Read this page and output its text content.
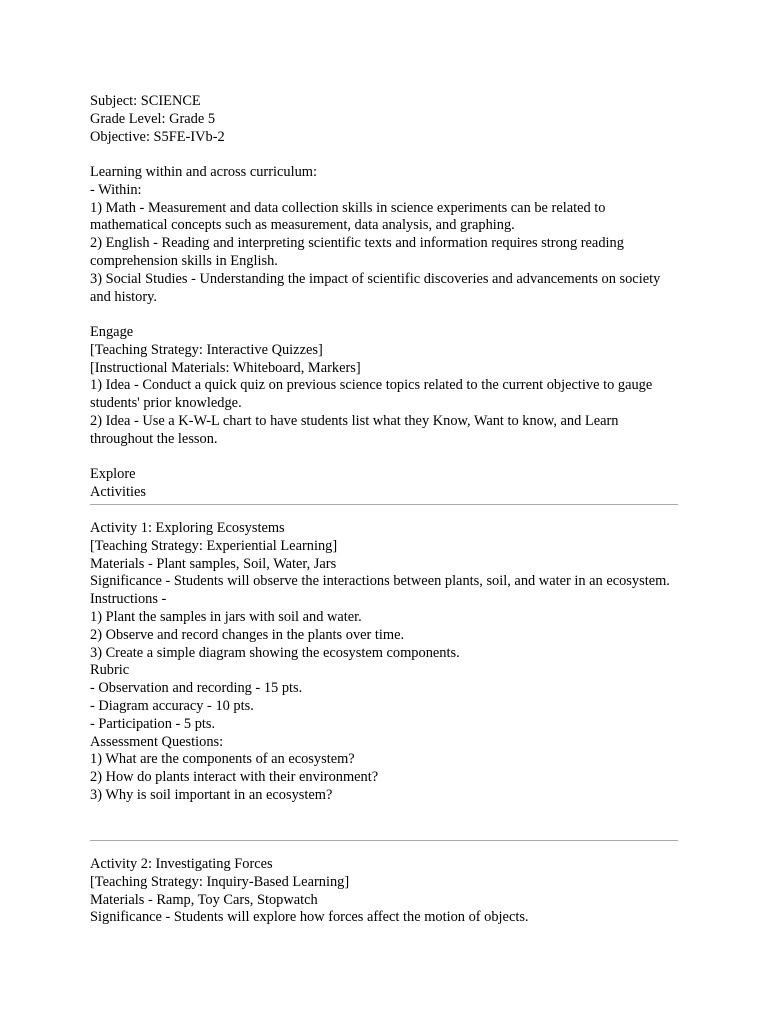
Subject: SCIENCE
Grade Level: Grade 5
Objective: S5FE-IVb-2
Learning within and across curriculum:
- Within:
1) Math - Measurement and data collection skills in science experiments can be related to mathematical concepts such as measurement, data analysis, and graphing.
2) English - Reading and interpreting scientific texts and information requires strong reading comprehension skills in English.
3) Social Studies - Understanding the impact of scientific discoveries and advancements on society and history.
Engage
[Teaching Strategy: Interactive Quizzes]
[Instructional Materials: Whiteboard, Markers]
1) Idea - Conduct a quick quiz on previous science topics related to the current objective to gauge students' prior knowledge.
2) Idea - Use a K-W-L chart to have students list what they Know, Want to know, and Learn throughout the lesson.
Explore
Activities
Activity 1: Exploring Ecosystems
[Teaching Strategy: Experiential Learning]
Materials - Plant samples, Soil, Water, Jars
Significance - Students will observe the interactions between plants, soil, and water in an ecosystem.
Instructions -
1) Plant the samples in jars with soil and water.
2) Observe and record changes in the plants over time.
3) Create a simple diagram showing the ecosystem components.
Rubric
- Observation and recording - 15 pts.
- Diagram accuracy - 10 pts.
- Participation - 5 pts.
Assessment Questions:
1) What are the components of an ecosystem?
2) How do plants interact with their environment?
3) Why is soil important in an ecosystem?
Activity 2: Investigating Forces
[Teaching Strategy: Inquiry-Based Learning]
Materials - Ramp, Toy Cars, Stopwatch
Significance - Students will explore how forces affect the motion of objects.
